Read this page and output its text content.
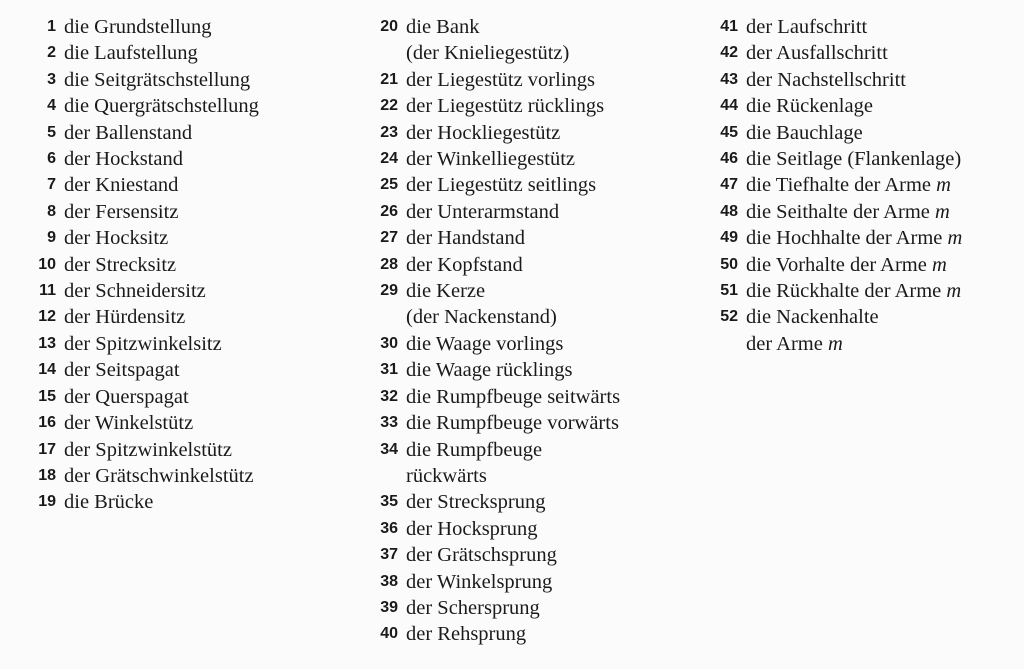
1 die Grundstellung
2 die Laufstellung
3 die Seitgrätschstellung
4 die Quergrätschstellung
5 der Ballenstand
6 der Hockstand
7 der Kniestand
8 der Fersensitz
9 der Hocksitz
10 der Strecksitz
11 der Schneidersitz
12 der Hürdensitz
13 der Spitzwinkelsitz
14 der Seitspagat
15 der Querspagat
16 der Winkelstütz
17 der Spitzwinkelstütz
18 der Grätschwinkelstütz
19 die Brücke
20 die Bank
(der Knieliegestütz)
21 der Liegestütz vorlings
22 der Liegestütz rücklings
23 der Hockliegestütz
24 der Winkelliegestütz
25 der Liegestütz seitlings
26 der Unterarmstand
27 der Handstand
28 der Kopfstand
29 die Kerze
(der Nackenstand)
30 die Waage vorlings
31 die Waage rücklings
32 die Rumpfbeuge seitwärts
33 die Rumpfbeuge vorwärts
34 die Rumpfbeuge
rückwärts
35 der Strecksprung
36 der Hocksprung
37 der Grätschsprung
38 der Winkelsprung
39 der Schersprung
40 der Rehsprung
41 der Laufschritt
42 der Ausfallschritt
43 der Nachstellschritt
44 die Rückenlage
45 die Bauchlage
46 die Seitlage (Flankenlage)
47 die Tiefhalte der Arme m
48 die Seithalte der Arme m
49 die Hochhalte der Arme m
50 die Vorhalte der Arme m
51 die Rückhalte der Arme m
52 die Nackenhalte
der Arme m
